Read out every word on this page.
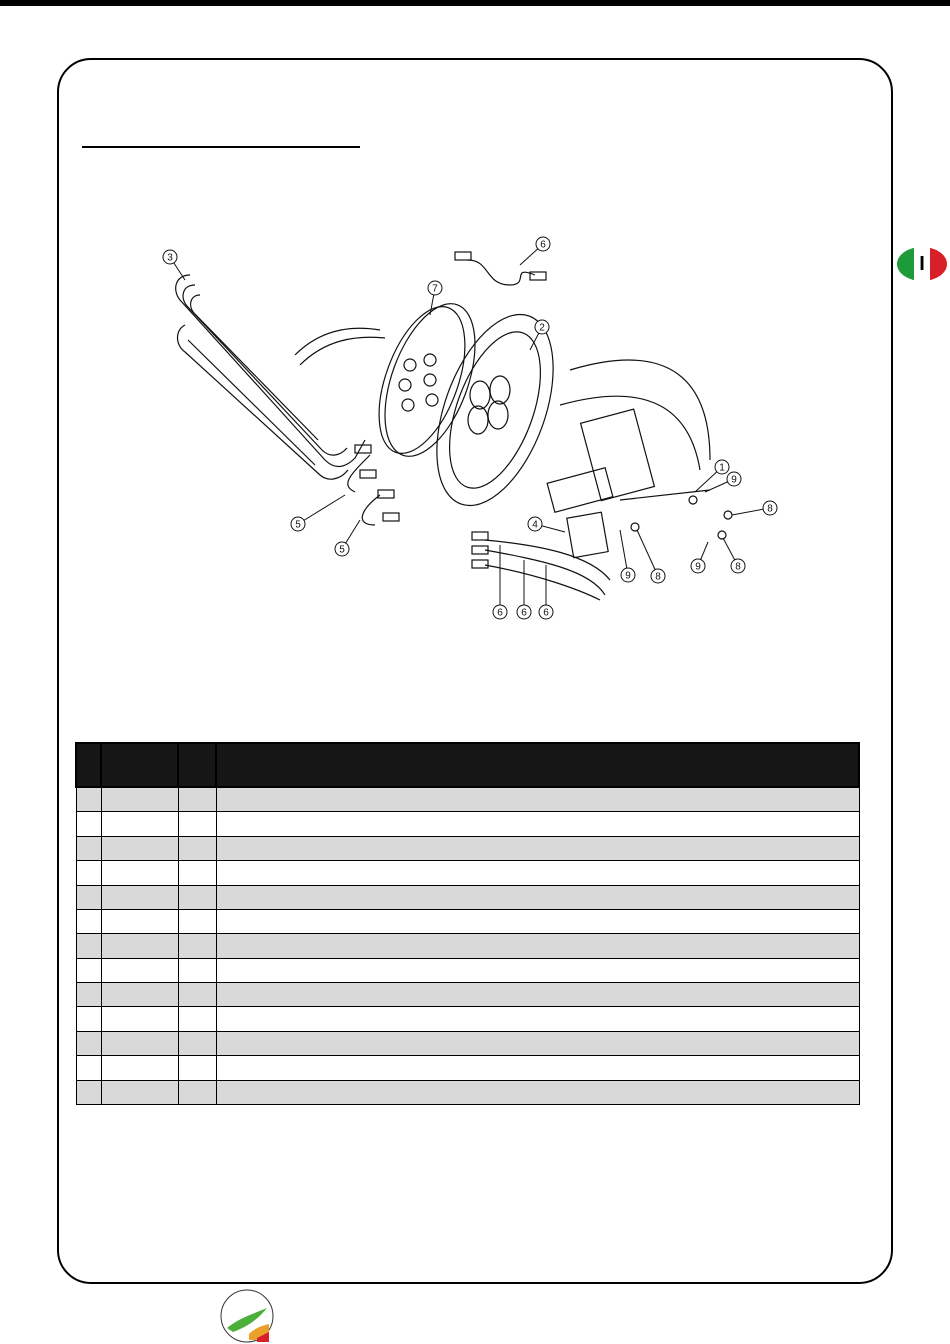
I
1
2
3
4
5
5
6
6 6 6
7
8
8
8
9
9
9
